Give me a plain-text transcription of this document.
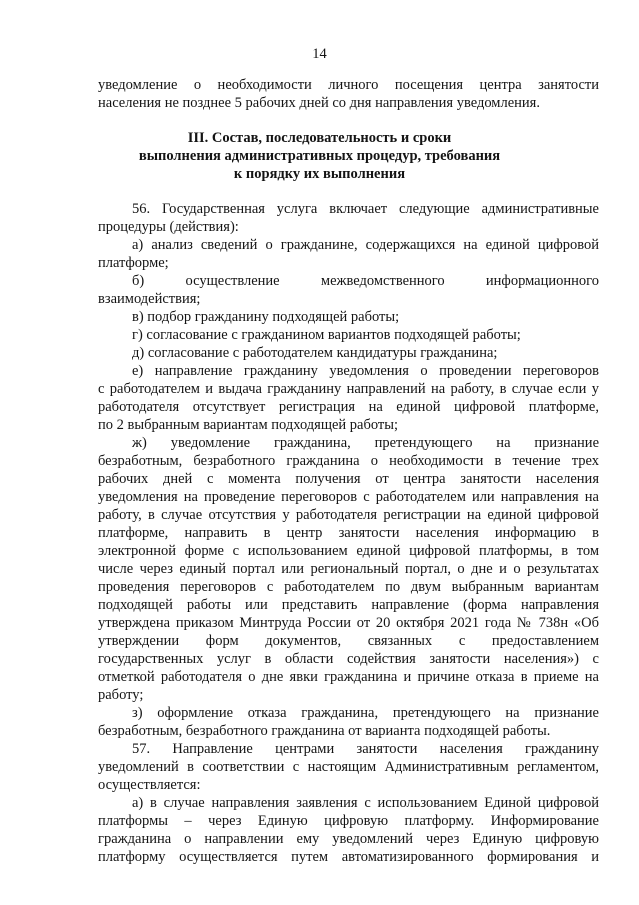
14
уведомление о необходимости личного посещения центра занятости
населения не позднее 5 рабочих дней со дня направления уведомления.
III. Состав, последовательность и сроки
выполнения административных процедур, требования
к порядку их выполнения
56. Государственная услуга включает следующие административные
процедуры (действия):
а) анализ сведений о гражданине, содержащихся на единой цифровой
платформе;
б) осуществление межведомственного информационного
взаимодействия;
в) подбор гражданину подходящей работы;
г) согласование с гражданином вариантов подходящей работы;
д) согласование с работодателем кандидатуры гражданина;
е) направление гражданину уведомления о проведении переговоров
с работодателем и выдача гражданину направлений на работу, в случае если у
работодателя отсутствует регистрация на единой цифровой платформе,
по 2 выбранным вариантам подходящей работы;
ж) уведомление гражданина, претендующего на признание
безработным, безработного гражданина о необходимости в течение трех
рабочих дней с момента получения от центра занятости населения
уведомления на проведение переговоров с работодателем или направления на
работу, в случае отсутствия у работодателя регистрации на единой цифровой
платформе, направить в центр занятости населения информацию в
электронной форме с использованием единой цифровой платформы, в том
числе через единый портал или региональный портал, о дне и о результатах
проведения переговоров с работодателем по двум выбранным вариантам
подходящей работы или представить направление (форма направления
утверждена приказом Минтруда России от 20 октября 2021 года № 738н «Об
утверждении форм документов, связанных с предоставлением
государственных услуг в области содействия занятости населения») с
отметкой работодателя о дне явки гражданина и причине отказа в приеме на
работу;
з) оформление отказа гражданина, претендующего на признание
безработным, безработного гражданина от варианта подходящей работы.
57. Направление центрами занятости населения гражданину
уведомлений в соответствии с настоящим Административным регламентом,
осуществляется:
а) в случае направления заявления с использованием Единой цифровой
платформы – через Единую цифровую платформу. Информирование
гражданина о направлении ему уведомлений через Единую цифровую
платформу осуществляется путем автоматизированного формирования и
